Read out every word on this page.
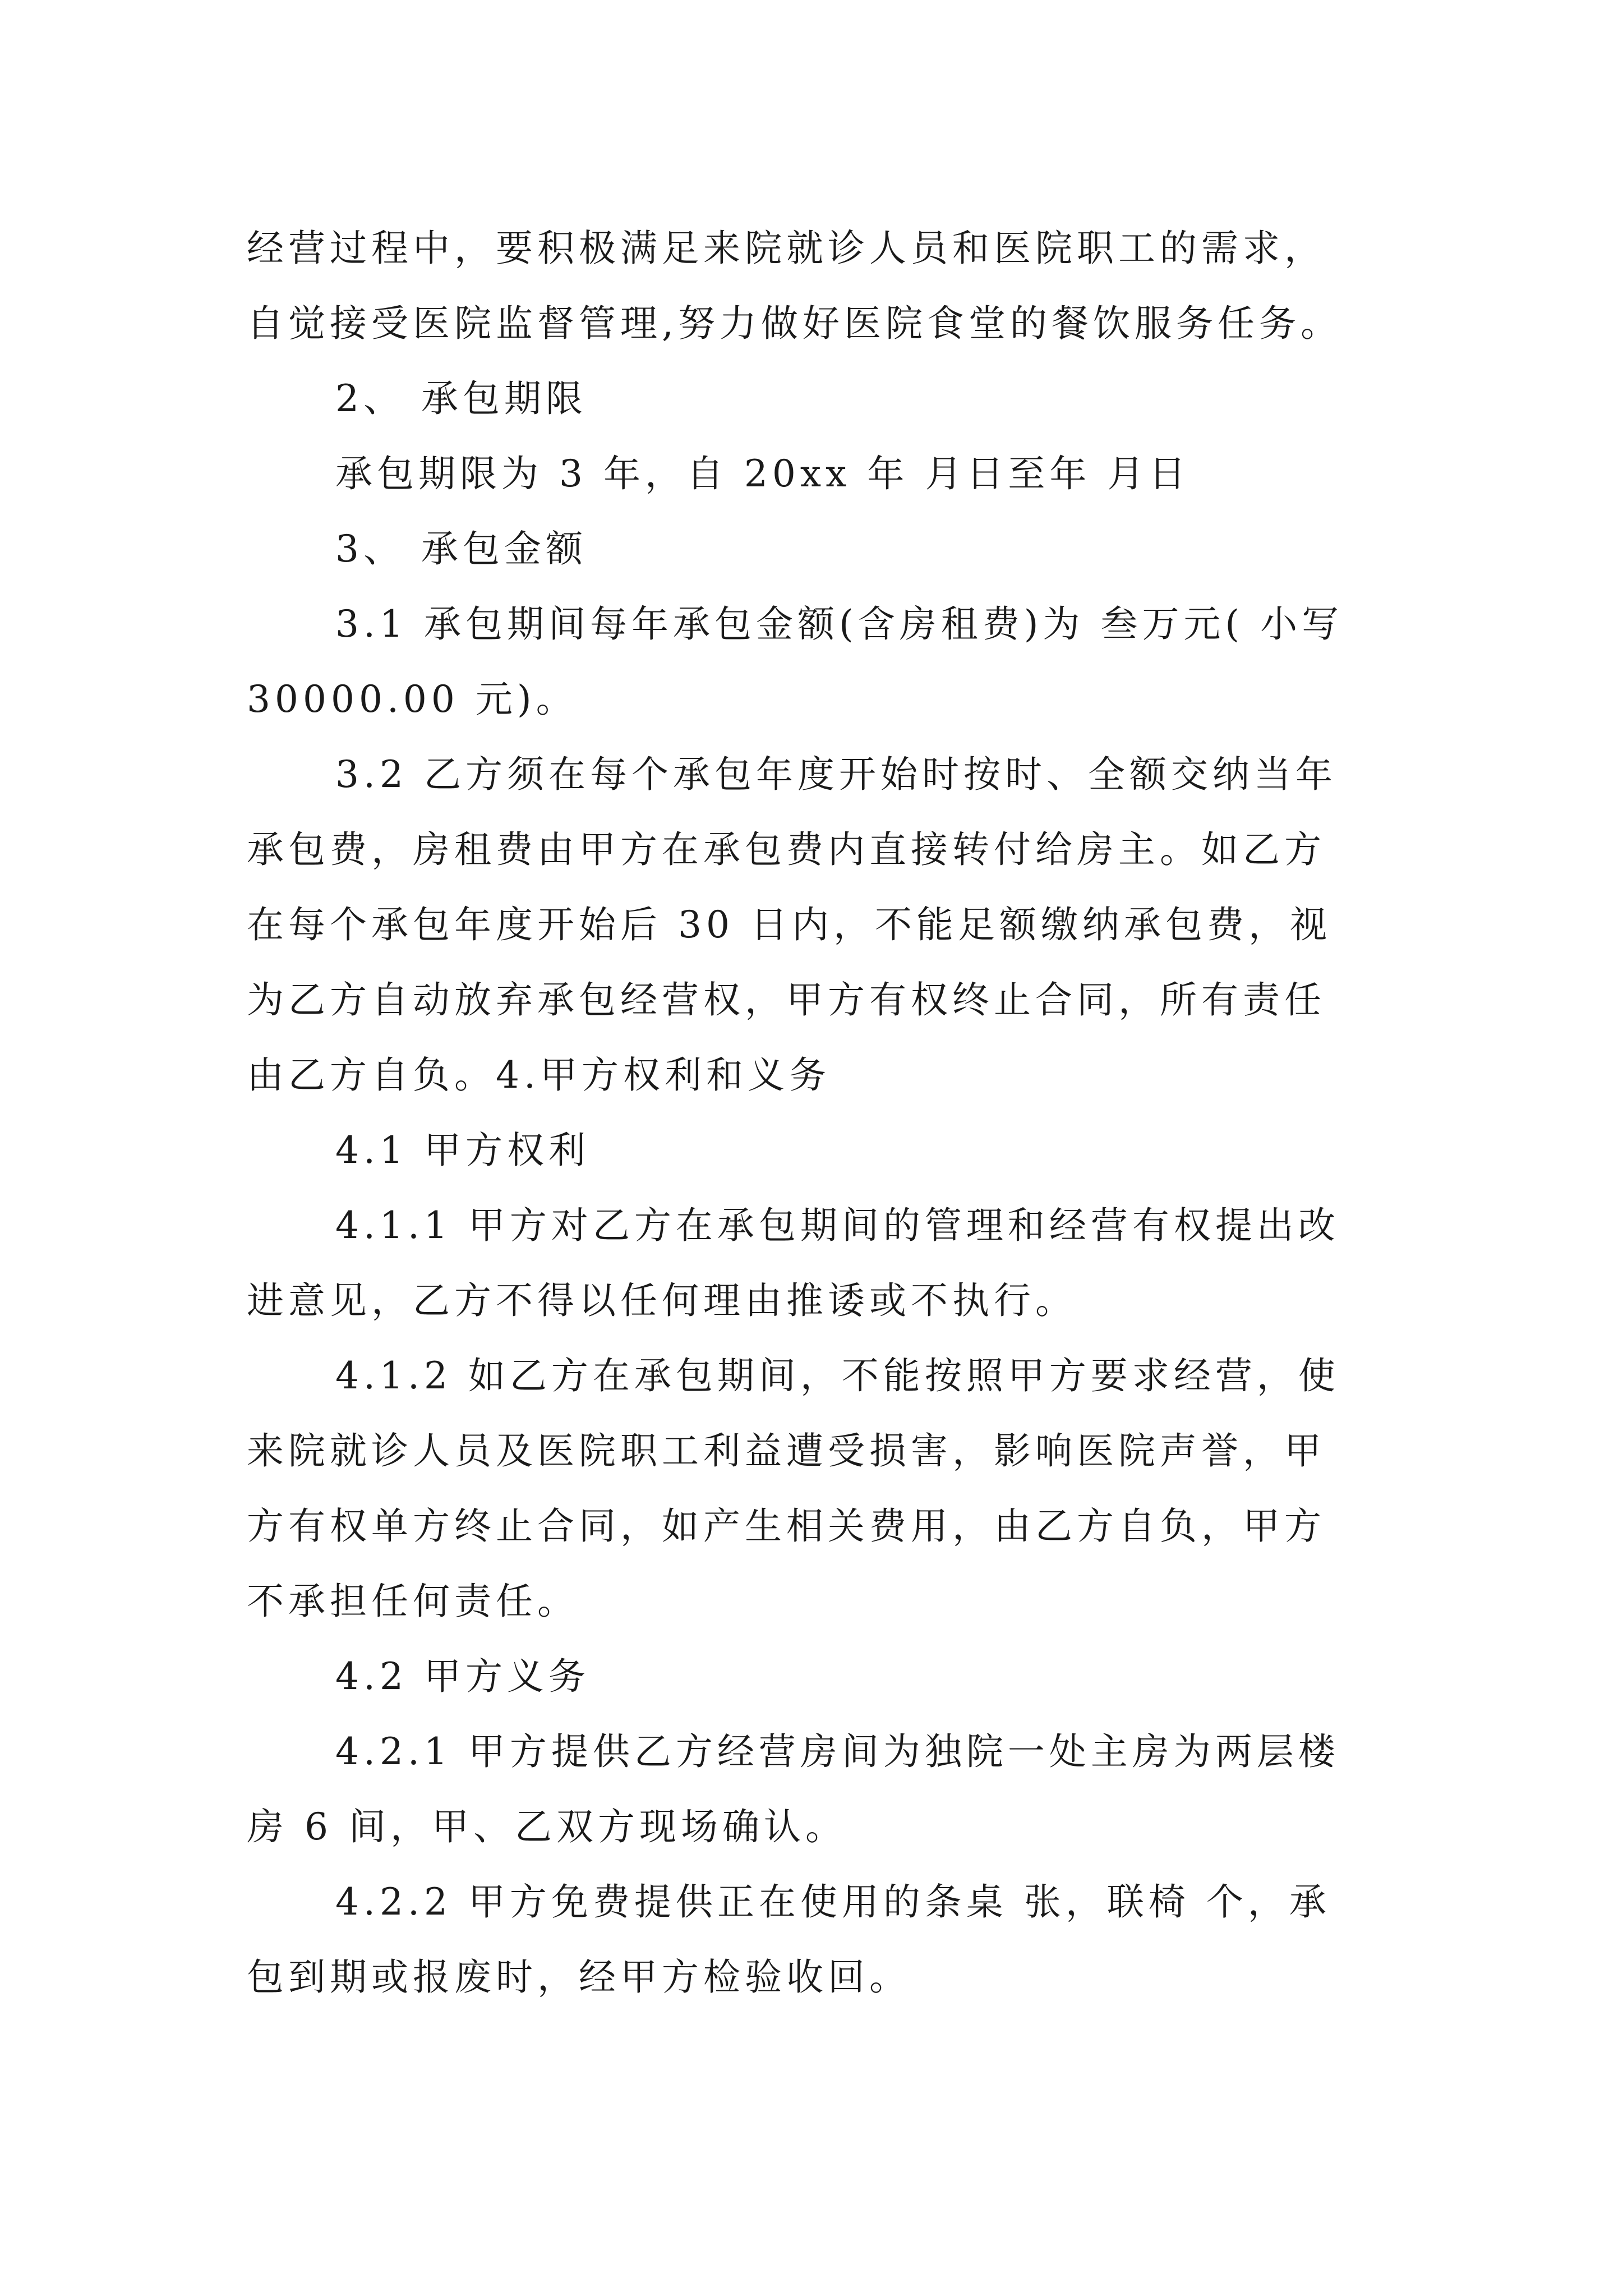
经营过程中，要积极满足来院就诊人员和医院职工的需求，
自觉接受医院监督管理,努力做好医院食堂的餐饮服务任务。
2、 承包期限
承包期限为 3 年，自 20xx 年 月日至年 月日
3、 承包金额
3.1 承包期间每年承包金额(含房租费)为 叁万元( 小写
30000.00 元)。
3.2 乙方须在每个承包年度开始时按时、全额交纳当年
承包费，房租费由甲方在承包费内直接转付给房主。如乙方
在每个承包年度开始后 30 日内，不能足额缴纳承包费，视
为乙方自动放弃承包经营权，甲方有权终止合同，所有责任
由乙方自负。4.甲方权利和义务
4.1 甲方权利
4.1.1 甲方对乙方在承包期间的管理和经营有权提出改
进意见，乙方不得以任何理由推诿或不执行。
4.1.2 如乙方在承包期间，不能按照甲方要求经营，使
来院就诊人员及医院职工利益遭受损害，影响医院声誉，甲
方有权单方终止合同，如产生相关费用，由乙方自负，甲方
不承担任何责任。
4.2 甲方义务
4.2.1 甲方提供乙方经营房间为独院一处主房为两层楼
房 6 间，甲、乙双方现场确认。
4.2.2 甲方免费提供正在使用的条桌 张，联椅 个，承
包到期或报废时，经甲方检验收回。
